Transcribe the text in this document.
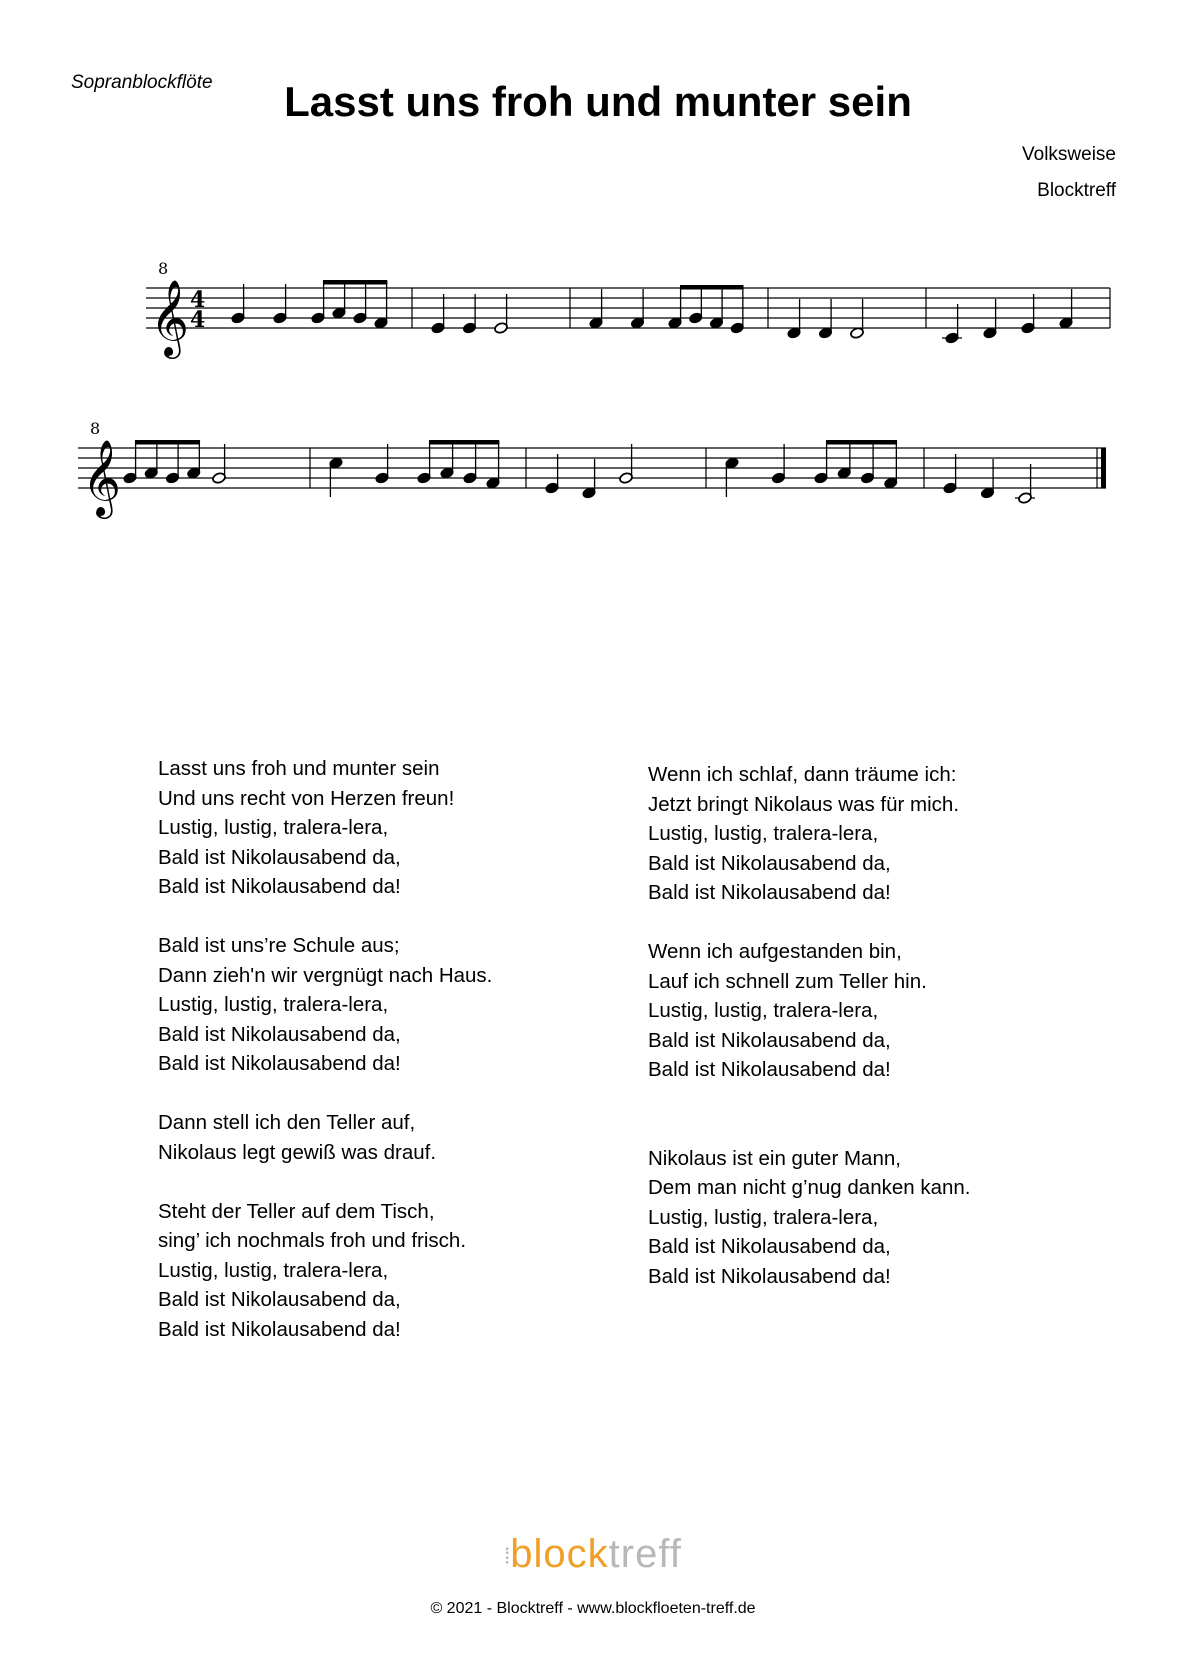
Sopranblockflöte	Lasst uns froh und munter sein
Volksweise
Blocktreff
𝄞
8
4
4
𝄞
8

Lasst uns froh und munter sein
Und uns recht von Herzen freun!
Lustig, lustig, tralera-lera,
Bald ist Nikolausabend da,
Bald ist Nikolausabend da!

Bald ist uns’re Schule aus;
Dann zieh'n wir vergnügt nach Haus.
Lustig, lustig, tralera-lera,
Bald ist Nikolausabend da,
Bald ist Nikolausabend da!

Dann stell ich den Teller auf,
Nikolaus legt gewiß was drauf.

Steht der Teller auf dem Tisch,
sing’ ich nochmals froh und frisch.
Lustig, lustig, tralera-lera,
Bald ist Nikolausabend da,
Bald ist Nikolausabend da!

Wenn ich schlaf, dann träume ich:
Jetzt bringt Nikolaus was für mich.
Lustig, lustig, tralera-lera,
Bald ist Nikolausabend da,
Bald ist Nikolausabend da!

Wenn ich aufgestanden bin,
Lauf ich schnell zum Teller hin.
Lustig, lustig, tralera-lera,
Bald ist Nikolausabend da,
Bald ist Nikolausabend da!

Nikolaus ist ein guter Mann,
Dem man nicht g’nug danken kann.
Lustig, lustig, tralera-lera,
Bald ist Nikolausabend da,
Bald ist Nikolausabend da!

⁞blocktreff
© 2021 - Blocktreff - www.blockfloeten-treff.de
